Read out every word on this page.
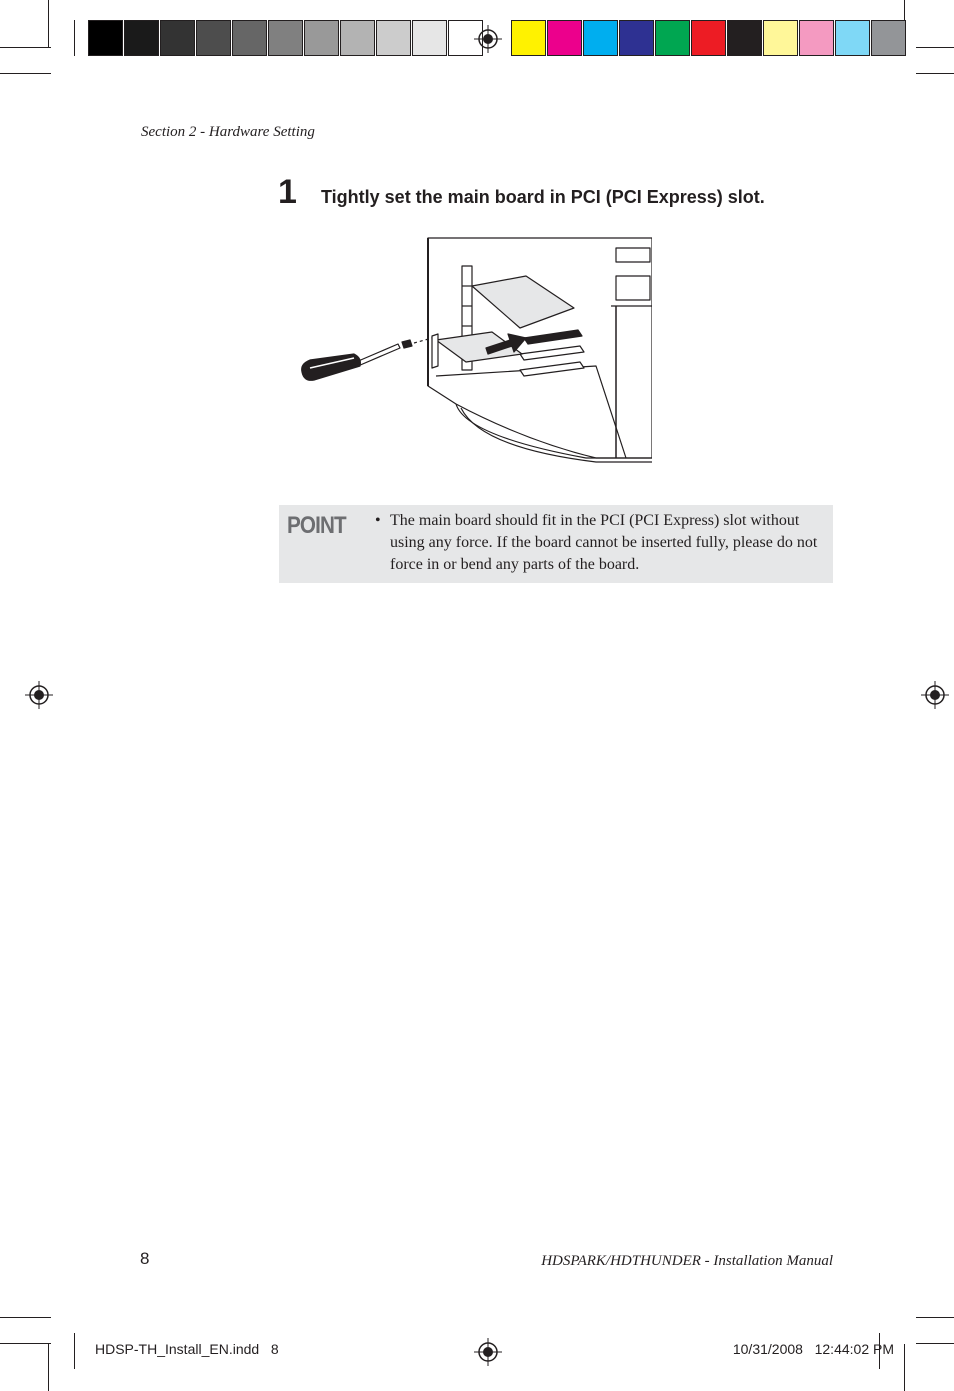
Section 2 - Hardware Setting
1 Tightly set the main board in PCI (PCI Express) slot.
POINT • The main board should fit in the PCI (PCI Express) slot without using any force. If the board cannot be inserted fully, please do not force in or bend any parts of the board.

8	HDSPARK/HDTHUNDER - Installation Manual
HDSP-TH_Install_EN.indd 8	10/31/2008 12:44:02 PM
